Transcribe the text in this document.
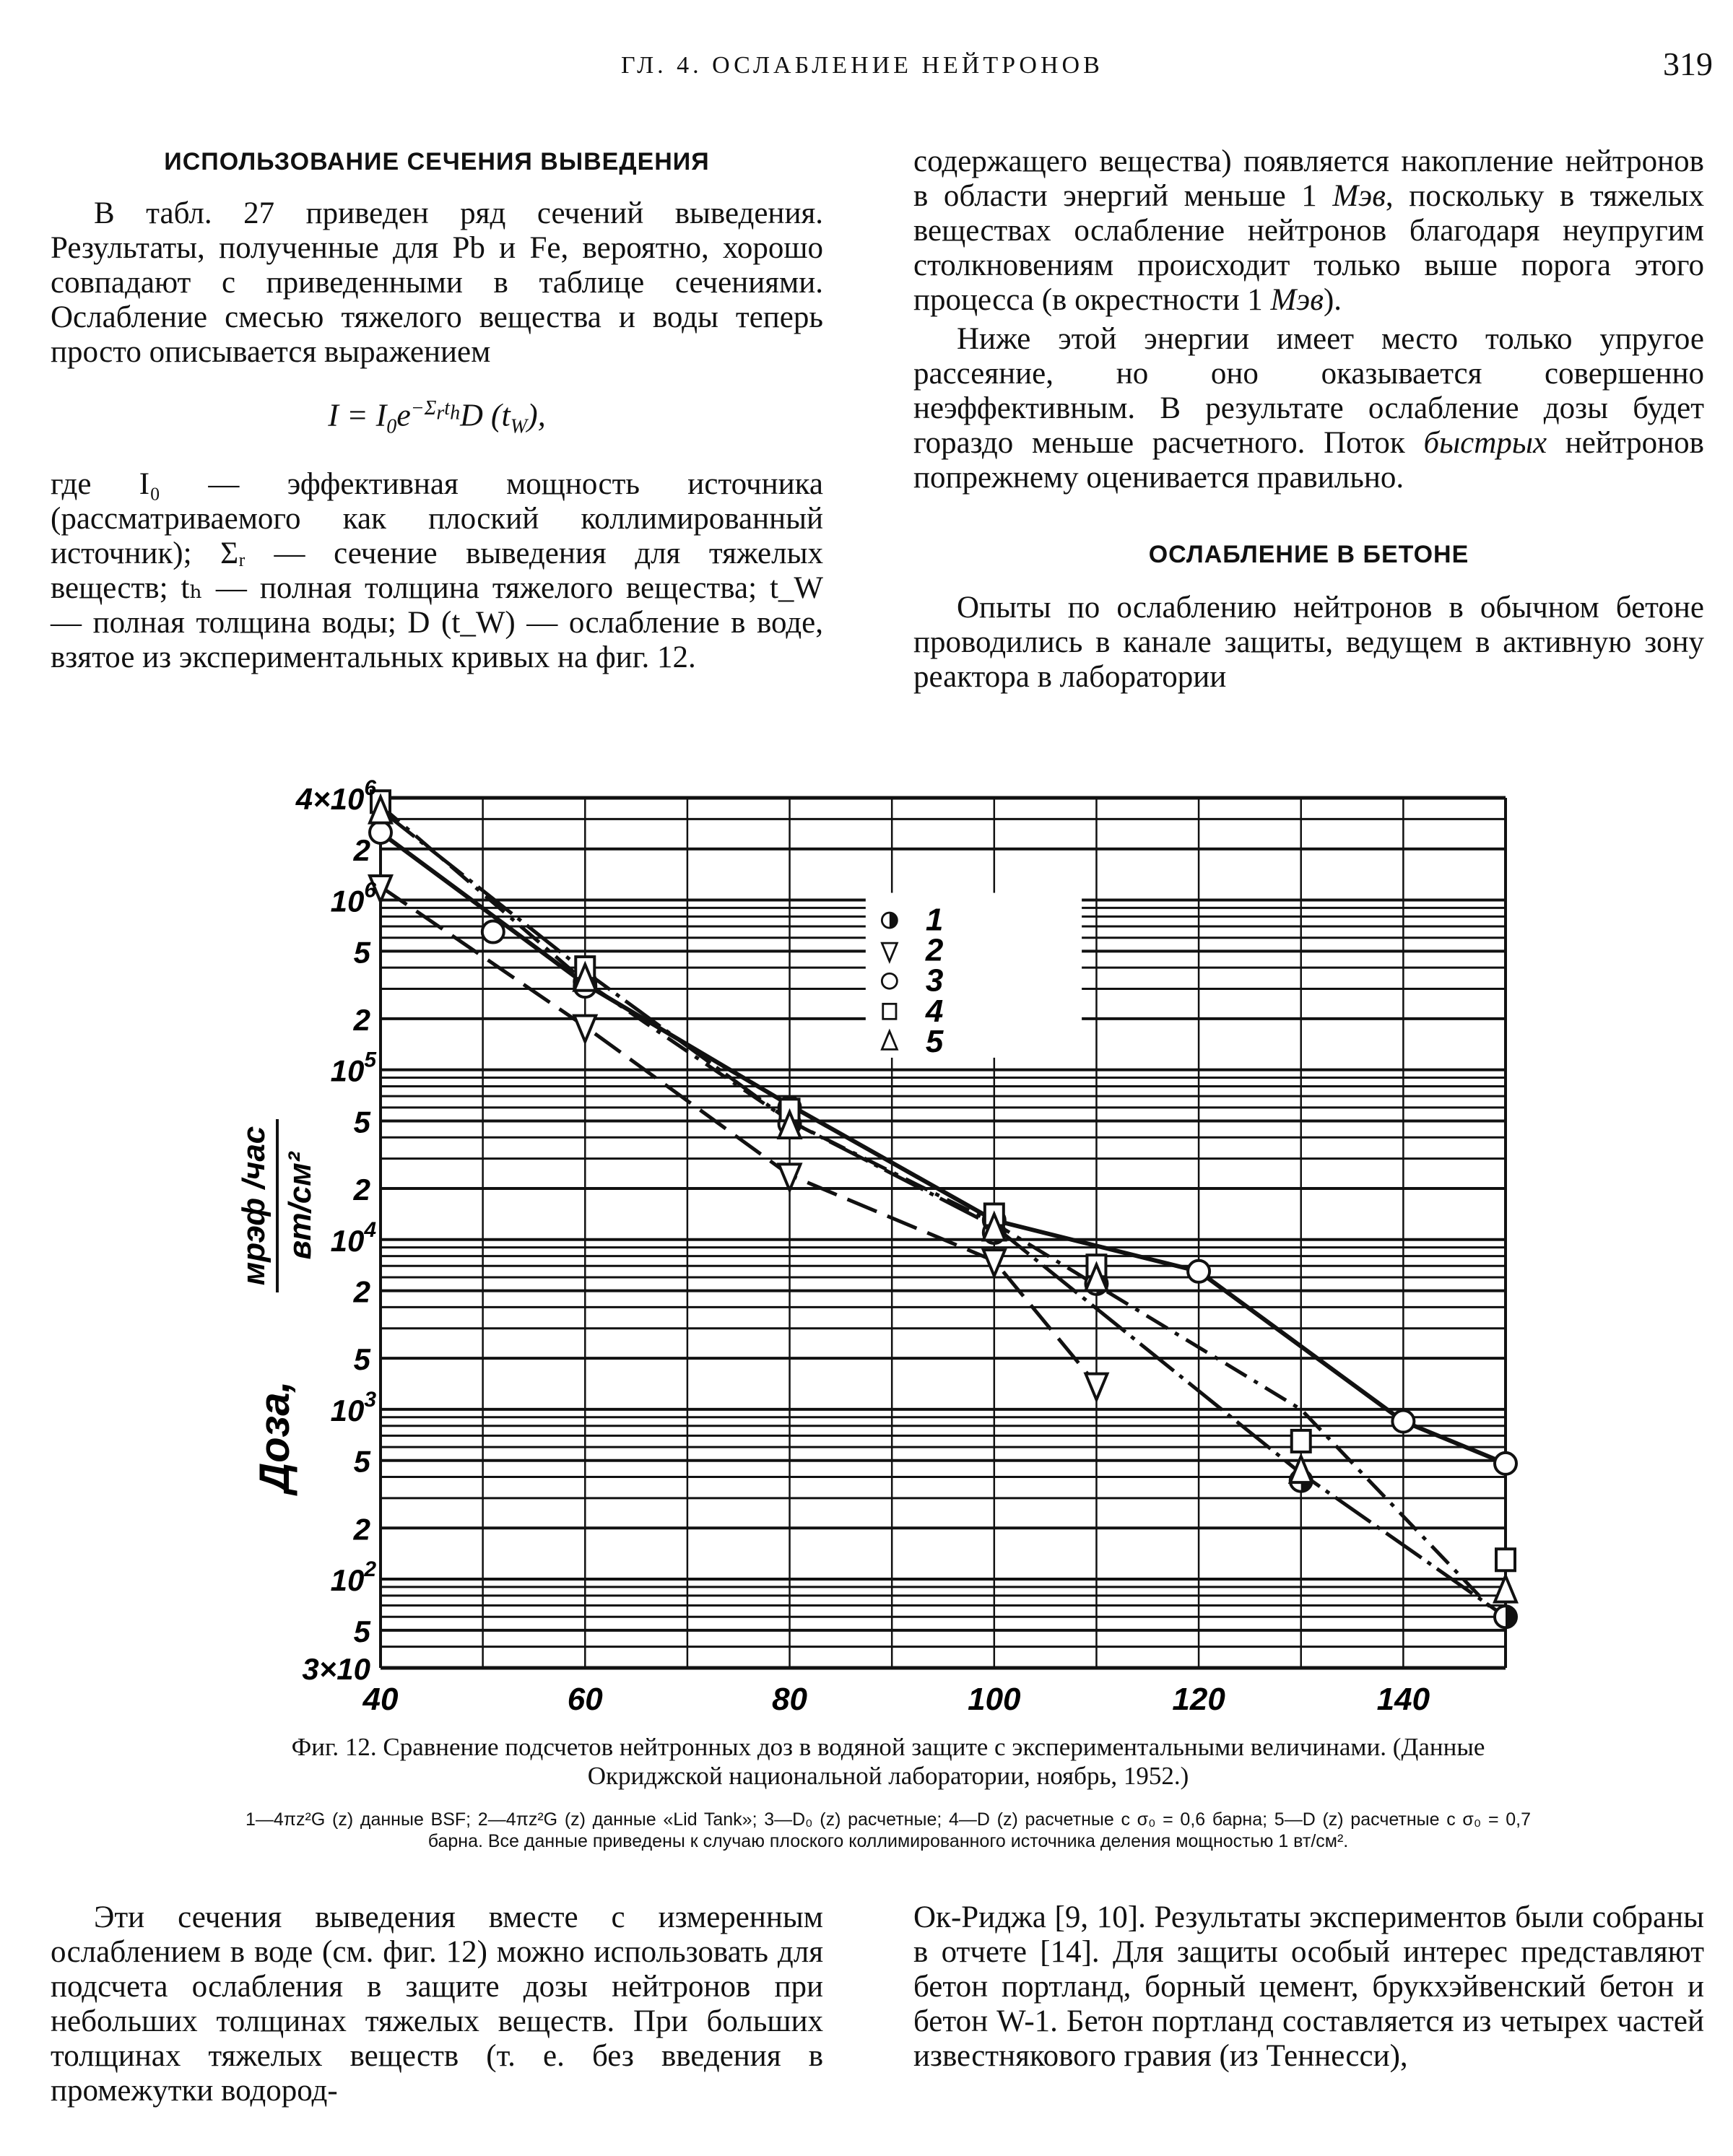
ГЛ. 4. ОСЛАБЛЕНИЕ НЕЙТРОНОВ	319

ИСПОЛЬЗОВАНИЕ СЕЧЕНИЯ ВЫВЕДЕНИЯ

В табл. 27 приведен ряд сечений выведения. Результаты, полученные для Pb и Fe, вероятно, хорошо совпадают с приведенными в таблице сечениями. Ослабление смесью тяжелого вещества и воды теперь просто описывается выражением

$I = I_0e^{-\Sigma_rt_h}D$ $(t_W)$,

где I₀ — эффективная мощность источника (рассматриваемого как плоский коллимированный источник); Σᵣ — сечение выведения для тяжелых веществ; tₕ — полная толщина тяжелого вещества; t_W — полная толщина воды; D (t_W) — ослабление в воде, взятое из экспериментальных кривых на фиг. 12.

содержащего вещества) появляется накопление нейтронов в области энергий меньше 1 Мэв, поскольку в тяжелых веществах ослабление нейтронов благодаря неупругим столкновениям происходит только выше порога этого процесса (в окрестности 1 Мэв).

Ниже этой энергии имеет место только упругое рассеяние, но оно оказывается совершенно неэффективным. В результате ослабление дозы будет гораздо меньше расчетного. Поток быстрых нейтронов попрежнему оценивается правильно.

ОСЛАБЛЕНИЕ В БЕТОНЕ

Опыты по ослаблению нейтронов в обычном бетоне проводились в канале защиты, ведущем в активную зону реактора в лаборатории

1
2
3
4
5
$4\times 10^6$
2
$10^6$
5
2
$10^5$
5
2
$10^4$
2
5
$10^3$
5
2
$10^2$
5
3×10
40	60	80	100	120	140
Доза,
мрэф /час вт/см²

Фиг. 12. Сравнение подсчетов нейтронных доз в водяной защите с экспериментальными величинами. (Данные Окриджской национальной лаборатории, ноябрь, 1952.)

1—4πz²G (z) данные BSF; 2—4πz²G (z) данные «Lid Tank»; 3—D₀ (z) расчетные; 4—D (z) расчетные с σ₀ = 0,6 барна; 5—D (z) расчетные с σ₀ = 0,7 барна. Все данные приведены к случаю плоского коллимированного источника деления мощностью 1 вт/см².

Эти сечения выведения вместе с измеренным ослаблением в воде (см. фиг. 12) можно использовать для подсчета ослабления в защите дозы нейтронов при небольших толщинах тяжелых веществ. При больших толщинах тяжелых веществ (т. е. без введения в промежутки водород-

Ок-Риджа [9, 10]. Результаты экспериментов были собраны в отчете [14]. Для защиты особый интерес представляют бетон портланд, борный цемент, брукхэйвенский бетон и бетон W-1. Бетон портланд составляется из четырех частей известнякового гравия (из Теннесси),
